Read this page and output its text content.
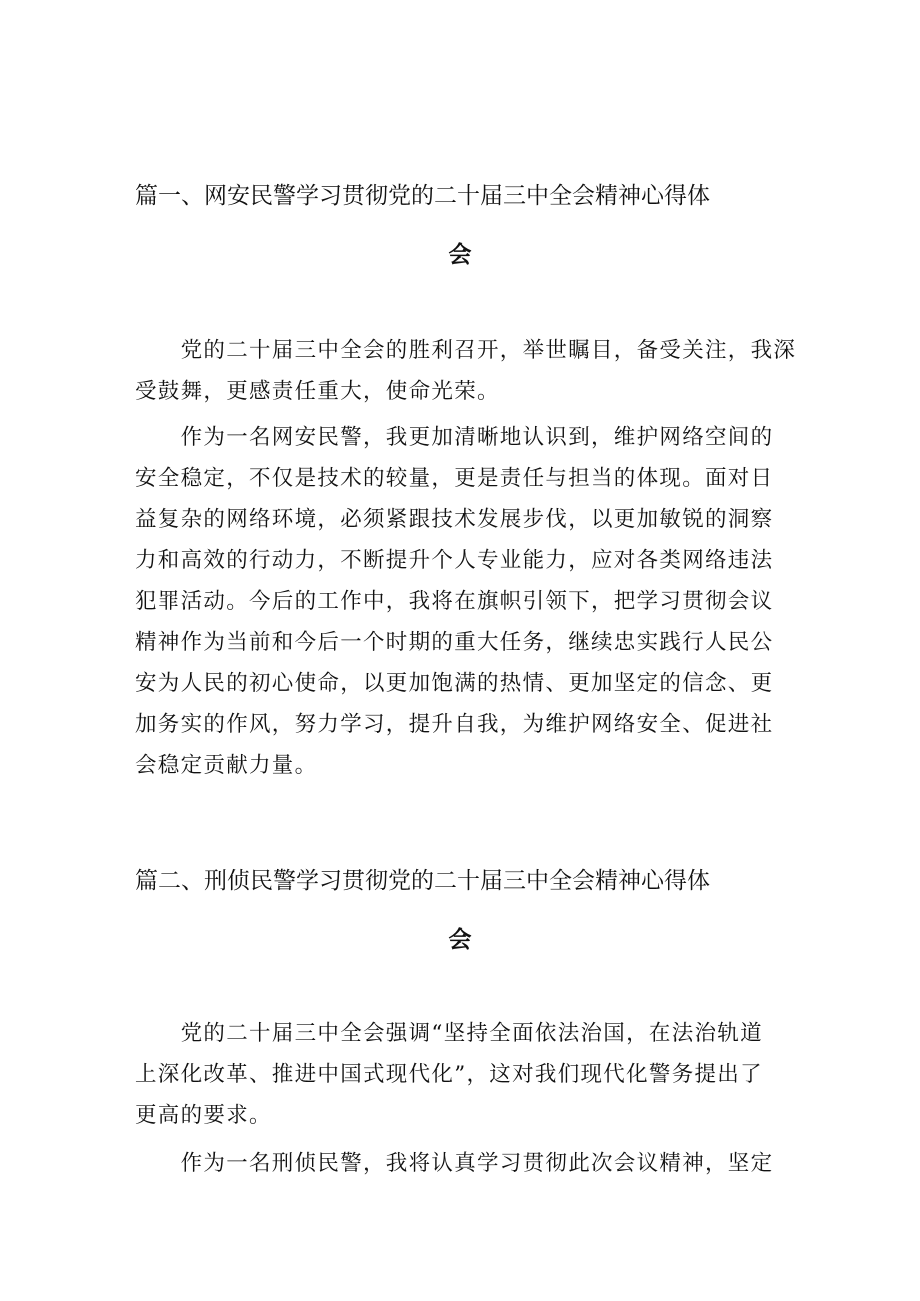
篇一、网安民警学习贯彻党的二十届三中全会精神心得体
会

　　党的二十届三中全会的胜利召开，举世瞩目，备受关注，我深
受鼓舞，更感责任重大，使命光荣。

　　作为一名网安民警，我更加清晰地认识到，维护网络空间的
安全稳定，不仅是技术的较量，更是责任与担当的体现。面对日
益复杂的网络环境，必须紧跟技术发展步伐，以更加敏锐的洞察
力和高效的行动力，不断提升个人专业能力，应对各类网络违法
犯罪活动。今后的工作中，我将在旗帜引领下，把学习贯彻会议
精神作为当前和今后一个时期的重大任务，继续忠实践行人民公
安为人民的初心使命，以更加饱满的热情、更加坚定的信念、更
加务实的作风，努力学习，提升自我，为维护网络安全、促进社
会稳定贡献力量。

篇二、刑侦民警学习贯彻党的二十届三中全会精神心得体
会

　　党的二十届三中全会强调“坚持全面依法治国，在法治轨道
上深化改革、推进中国式现代化”，这对我们现代化警务提出了
更高的要求。

　　作为一名刑侦民警，我将认真学习贯彻此次会议精神，坚定
